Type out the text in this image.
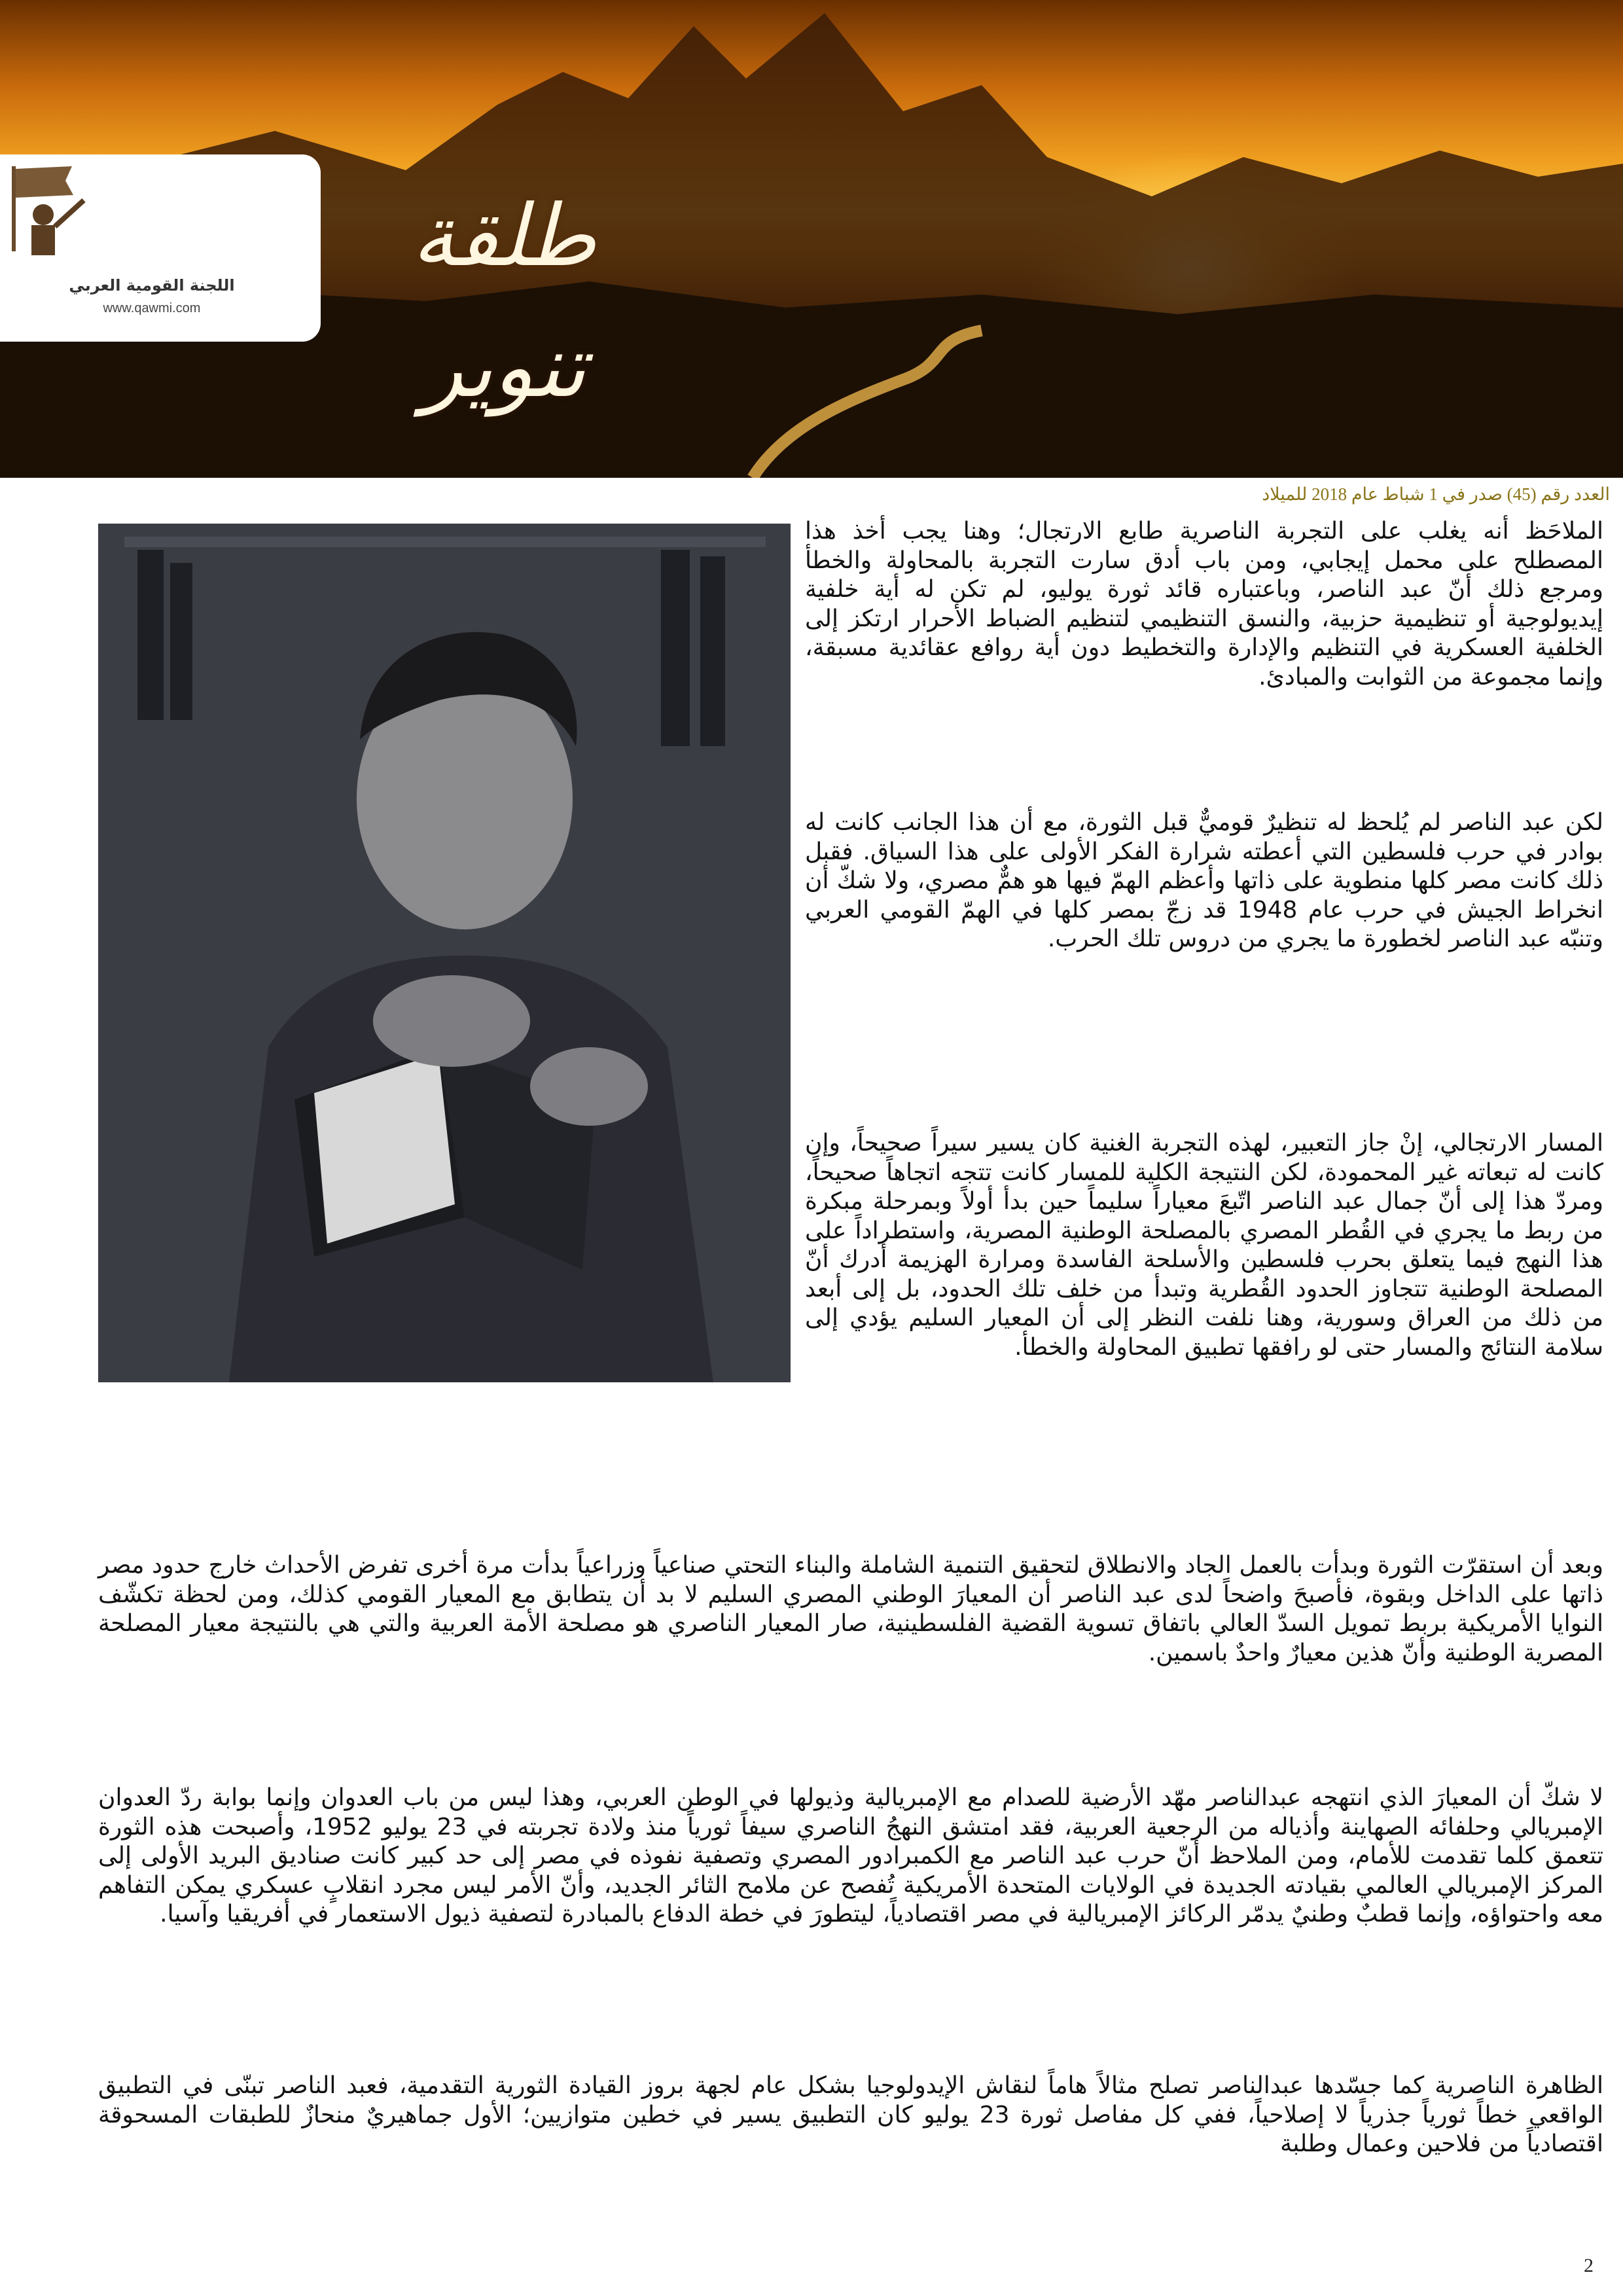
اللجنة القومية العربي
www.qawmi.com
طلقة تنوير
العدد رقم (45) صدر في 1 شباط عام 2018 للميلاد
الملاحَظ أنه يغلب على التجربة الناصرية طابع الارتجال؛ وهنا يجب أخذ هذا المصطلح على محمل إيجابي، ومن باب أدق سارت التجربة بالمحاولة والخطأ ومرجع ذلك أنّ عبد الناصر، وباعتباره قائد ثورة يوليو، لم تكن له أية خلفية إيديولوجية أو تنظيمية حزبية، والنسق التنظيمي لتنظيم الضباط الأحرار ارتكز إلى الخلفية العسكرية في التنظيم والإدارة والتخطيط دون أية روافع عقائدية مسبقة، وإنما مجموعة من الثوابت والمبادئ.
لكن عبد الناصر لم يُلحظ له تنظيرٌ قوميٌّ قبل الثورة، مع أن هذا الجانب كانت له بوادر في حرب فلسطين التي أعطته شرارة الفكر الأولى على هذا السياق. فقبل ذلك كانت مصر كلها منطوية على ذاتها وأعظم الهمّ فيها هو همٌّ مصري، ولا شكّ أن انخراط الجيش في حرب عام 1948 قد زجّ بمصر كلها في الهمّ القومي العربي وتنبّه عبد الناصر لخطورة ما يجري من دروس تلك الحرب.
المسار الارتجالي، إنْ جاز التعبير، لهذه التجربة الغنية كان يسير سيراً صحيحاً، وإن كانت له تبعاته غير المحمودة، لكن النتيجة الكلية للمسار كانت تتجه اتجاهاً صحيحاً، ومردّ هذا إلى أنّ جمال عبد الناصر اتّبعَ معياراً سليماً حين بدأ أولاً وبمرحلة مبكرة من ربط ما يجري في القُطر المصري بالمصلحة الوطنية المصرية، واستطراداً على هذا النهج فيما يتعلق بحرب فلسطين والأسلحة الفاسدة ومرارة الهزيمة أدرك أنّ المصلحة الوطنية تتجاوز الحدود القُطرية وتبدأ من خلف تلك الحدود، بل إلى أبعد من ذلك من العراق وسورية، وهنا نلفت النظر إلى أن المعيار السليم يؤدي إلى سلامة النتائج والمسار حتى لو رافقها تطبيق المحاولة والخطأ.
وبعد أن استقرّت الثورة وبدأت بالعمل الجاد والانطلاق لتحقيق التنمية الشاملة والبناء التحتي صناعياً وزراعياً بدأت مرة أخرى تفرض الأحداث خارج حدود مصر ذاتها على الداخل وبقوة، فأصبحَ واضحاً لدى عبد الناصر أن المعيارَ الوطني المصري السليم لا بد أن يتطابق مع المعيار القومي كذلك، ومن لحظة تكشّف النوايا الأمريكية بربط تمويل السدّ العالي باتفاق تسوية القضية الفلسطينية، صار المعيار الناصري هو مصلحة الأمة العربية والتي هي بالنتيجة معيار المصلحة المصرية الوطنية وأنّ هذين معيارٌ واحدٌ باسمين.
لا شكّ أن المعيارَ الذي انتهجه عبدالناصر مهّد الأرضية للصدام مع الإمبريالية وذيولها في الوطن العربي، وهذا ليس من باب العدوان وإنما بوابة ردّ العدوان الإمبريالي وحلفائه الصهاينة وأذياله من الرجعية العربية، فقد امتشق النهجُ الناصري سيفاً ثورياً منذ ولادة تجربته في 23 يوليو 1952، وأصبحت هذه الثورة تتعمق كلما تقدمت للأمام، ومن الملاحظ أنّ حرب عبد الناصر مع الكمبرادور المصري وتصفية نفوذه في مصر إلى حد كبير كانت صناديق البريد الأولى إلى المركز الإمبريالي العالمي بقيادته الجديدة في الولايات المتحدة الأمريكية تُفصح عن ملامح الثائر الجديد، وأنّ الأمر ليس مجرد انقلابٍ عسكري يمكن التفاهم معه واحتواؤه، وإنما قطبٌ وطنيٌ يدمّر الركائز الإمبريالية في مصر اقتصادياً، ليتطورَ في خطة الدفاع بالمبادرة لتصفية ذيول الاستعمار في أفريقيا وآسيا.
الظاهرة الناصرية كما جسّدها عبدالناصر تصلح مثالاً هاماً لنقاش الإيدولوجيا بشكل عام لجهة بروز القيادة الثورية التقدمية، فعبد الناصر تبنّى في التطبيق الواقعي خطاً ثورياً جذرياً لا إصلاحياً، ففي كل مفاصل ثورة 23 يوليو كان التطبيق يسير في خطين متوازيين؛ الأول جماهيريٌ منحازٌ للطبقات المسحوقة اقتصادياً من فلاحين وعمال وطلبة
2
